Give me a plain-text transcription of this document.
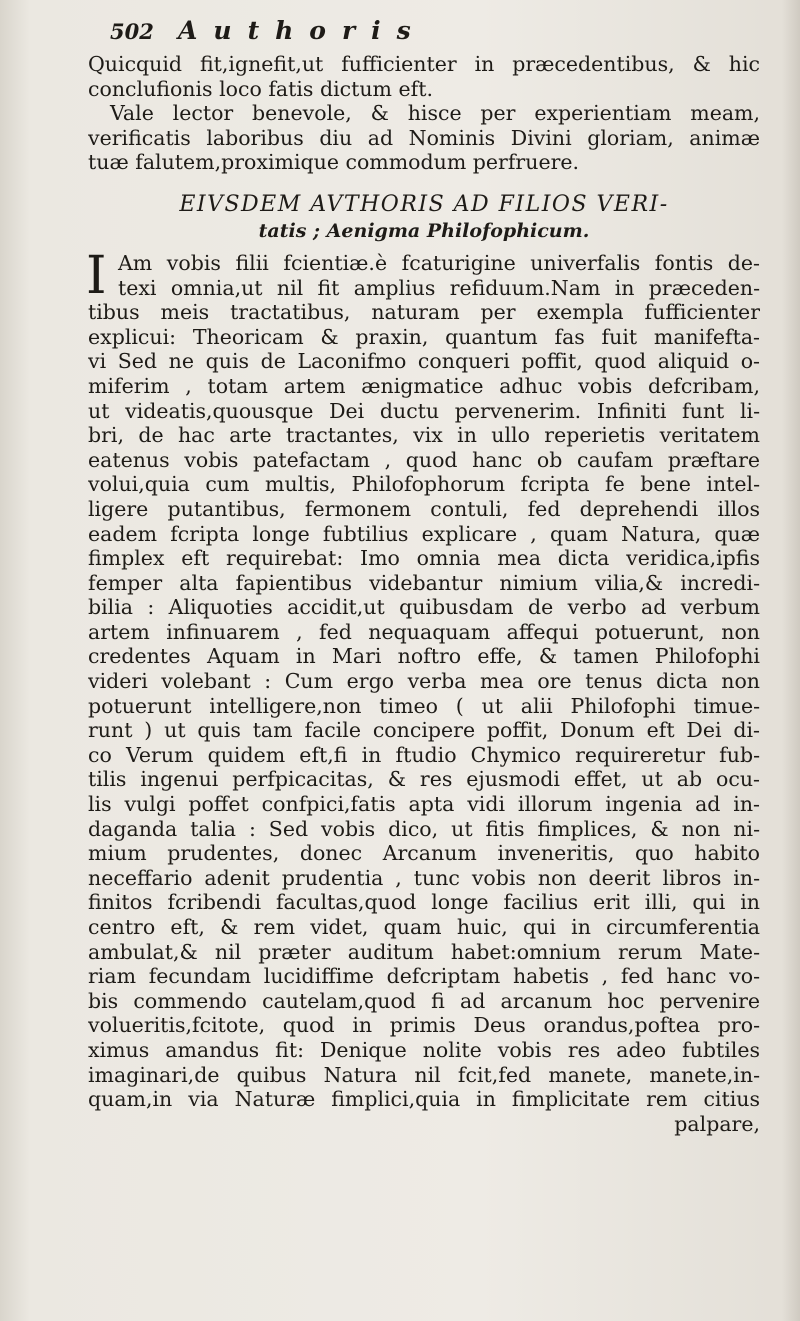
502 Authoris
Quicquid fit,ignefit,ut fufficienter in præcedentibus, & hic
conclufionis loco fatis dictum eft.
Vale lector benevole, & hisce per experientiam meam,
verificatis laboribus diu ad Nominis Divini gloriam, animæ
tuæ falutem,proximique commodum perfruere.
EIVSDEM AVTHORIS AD FILIOS VERI-
tatis ; Aenigma Philofophicum.
I Am vobis filii fcientiæ.è fcaturigine univerfalis fontis de-
texi omnia,ut nil fit amplius refiduum.Nam in præceden-
tibus meis tractatibus, naturam per exempla fufficienter
explicui: Theoricam & praxin, quantum fas fuit manifefta-
vi Sed ne quis de Laconifmo conqueri poffit, quod aliquid o-
miferim , totam artem ænigmatice adhuc vobis defcribam,
ut videatis,quousque Dei ductu pervenerim. Infiniti funt li-
bri, de hac arte tractantes, vix in ullo reperietis veritatem
eatenus vobis patefactam , quod hanc ob caufam præftare
volui,quia cum multis, Philofophorum fcripta fe bene intel-
ligere putantibus, fermonem contuli, fed deprehendi illos
eadem fcripta longe fubtilius explicare , quam Natura, quæ
fimplex eft requirebat: Imo omnia mea dicta veridica,ipfis
femper alta fapientibus videbantur nimium vilia,& incredi-
bilia : Aliquoties accidit,ut quibusdam de verbo ad verbum
artem infinuarem , fed nequaquam affequi potuerunt, non
credentes Aquam in Mari noftro effe, & tamen Philofophi
videri volebant : Cum ergo verba mea ore tenus dicta non
potuerunt intelligere,non timeo ( ut alii Philofophi timue-
runt ) ut quis tam facile concipere poffit, Donum eft Dei di-
co Verum quidem eft,fi in ftudio Chymico requireretur fub-
tilis ingenui perfpicacitas, & res ejusmodi effet, ut ab ocu-
lis vulgi poffet confpici,fatis apta vidi illorum ingenia ad in-
daganda talia : Sed vobis dico, ut fitis fimplices, & non ni-
mium prudentes, donec Arcanum inveneritis, quo habito
neceffario adenit prudentia , tunc vobis non deerit libros in-
finitos fcribendi facultas,quod longe facilius erit illi, qui in
centro eft, & rem videt, quam huic, qui in circumferentia
ambulat,& nil præter auditum habet:omnium rerum Mate-
riam fecundam lucidiffime defcriptam habetis , fed hanc vo-
bis commendo cautelam,quod fi ad arcanum hoc pervenire
volueritis,fcitote, quod in primis Deus orandus,poftea pro-
ximus amandus fit: Denique nolite vobis res adeo fubtiles
imaginari,de quibus Natura nil fcit,fed manete, manete,in-
quam,in via Naturæ fimplici,quia in fimplicitate rem citius
palpare,
